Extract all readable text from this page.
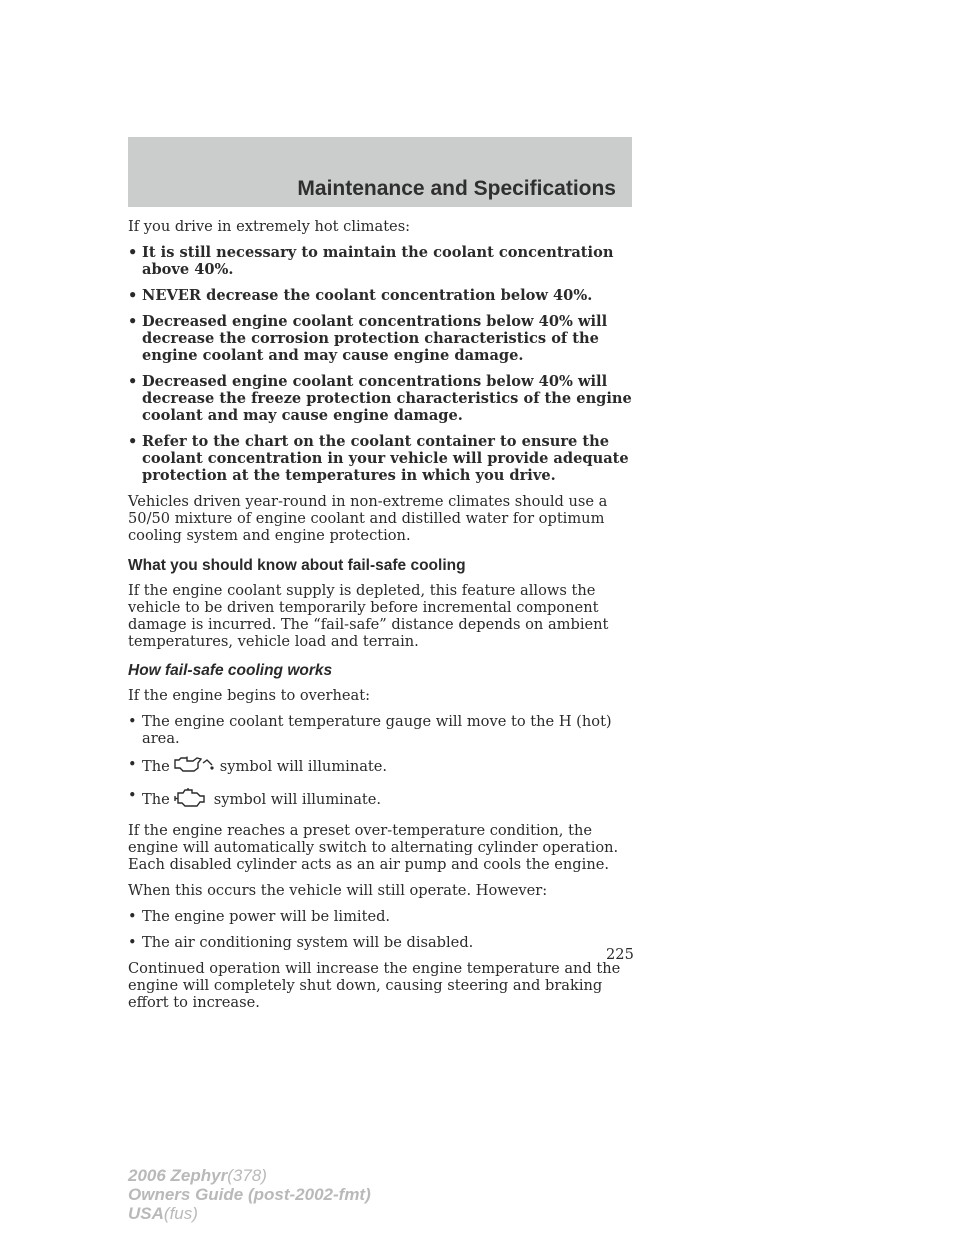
Maintenance and Specifications

If you drive in extremely hot climates:

• It is still necessary to maintain the coolant concentration above 40%.
• NEVER decrease the coolant concentration below 40%.
• Decreased engine coolant concentrations below 40% will decrease the corrosion protection characteristics of the engine coolant and may cause engine damage.
• Decreased engine coolant concentrations below 40% will decrease the freeze protection characteristics of the engine coolant and may cause engine damage.
• Refer to the chart on the coolant container to ensure the coolant concentration in your vehicle will provide adequate protection at the temperatures in which you drive.

Vehicles driven year-round in non-extreme climates should use a 50/50 mixture of engine coolant and distilled water for optimum cooling system and engine protection.

What you should know about fail-safe cooling

If the engine coolant supply is depleted, this feature allows the vehicle to be driven temporarily before incremental component damage is incurred. The “fail-safe” distance depends on ambient temperatures, vehicle load and terrain.

How fail-safe cooling works

If the engine begins to overheat:

• The engine coolant temperature gauge will move to the H (hot) area.
• The	symbol will illuminate.
• The	symbol will illuminate.

If the engine reaches a preset over-temperature condition, the engine will automatically switch to alternating cylinder operation. Each disabled cylinder acts as an air pump and cools the engine.

When this occurs the vehicle will still operate. However:

• The engine power will be limited.
• The air conditioning system will be disabled.

Continued operation will increase the engine temperature and the engine will completely shut down, causing steering and braking effort to increase.

225
2006 Zephyr(378)
Owners Guide (post-2002-fmt)
USA(fus)
